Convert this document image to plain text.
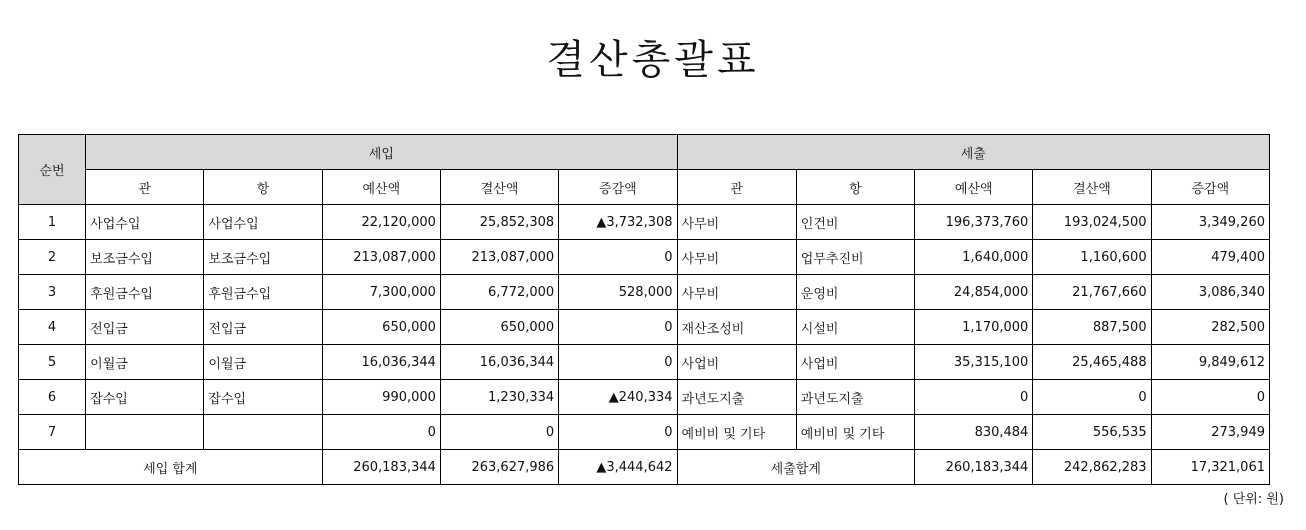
결산총괄표
순번	세입					세출				
	관	항	예산액	결산액	증감액	관	항	예산액	결산액	증감액
1	사업수입	사업수입	22,120,000	25,852,308	▲3,732,308	사무비	인건비	196,373,760	193,024,500	3,349,260
2	보조금수입	보조금수입	213,087,000	213,087,000	0	사무비	업무추진비	1,640,000	1,160,600	479,400
3	후원금수입	후원금수입	7,300,000	6,772,000	528,000	사무비	운영비	24,854,000	21,767,660	3,086,340
4	전입금	전입금	650,000	650,000	0	재산조성비	시설비	1,170,000	887,500	282,500
5	이월금	이월금	16,036,344	16,036,344	0	사업비	사업비	35,315,100	25,465,488	9,849,612
6	잡수입	잡수입	990,000	1,230,334	▲240,334	과년도지출	과년도지출	0	0	0
7			0	0	0	예비비 및 기타	예비비 및 기타	830,484	556,535	273,949
세입 합계			260,183,344	263,627,986	▲3,444,642	세출합계		260,183,344	242,862,283	17,321,061
( 단위: 원)
